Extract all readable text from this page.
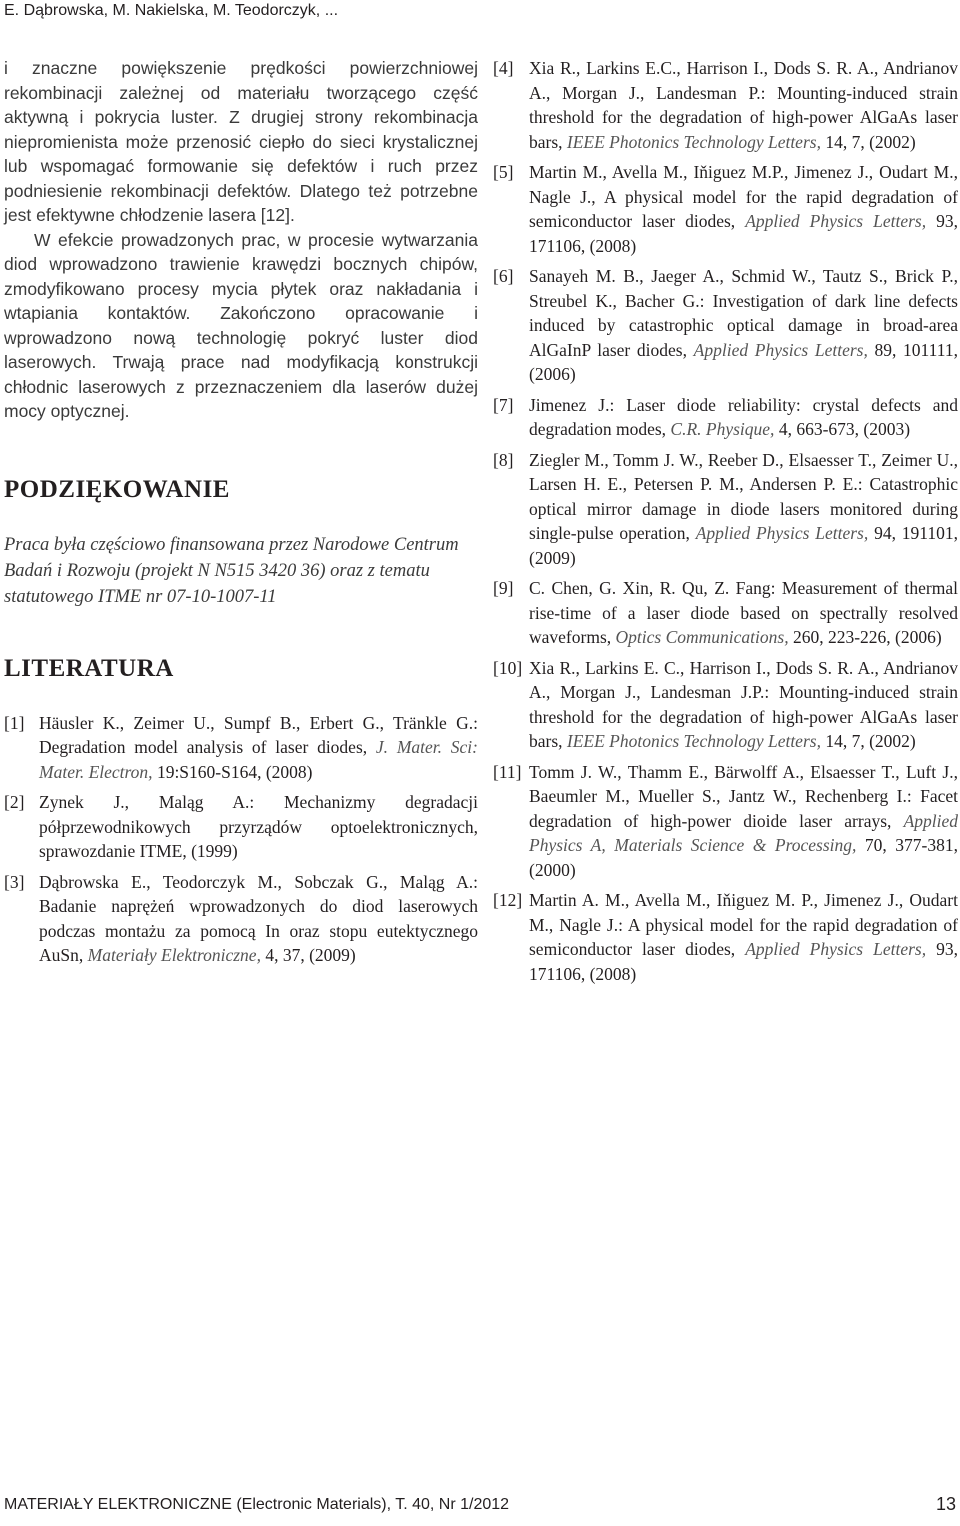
E. Dąbrowska, M. Nakielska, M. Teodorczyk, ...

i znaczne powiększenie prędkości powierzchniowej rekombinacji zależnej od materiału tworzącego część aktywną i pokrycia luster. Z drugiej strony rekombinacja niepromienista może przenosić ciepło do sieci krystalicznej lub wspomagać formowanie się defektów i ruch przez podniesienie rekombinacji defektów. Dlatego też potrzebne jest efektywne chłodzenie lasera [12].

W efekcie prowadzonych prac, w procesie wytwarzania diod wprowadzono trawienie krawędzi bocznych chipów, zmodyfikowano procesy mycia płytek oraz nakładania i wtapiania kontaktów. Zakończono opracowanie i wprowadzono nową technologię pokryć luster diod laserowych. Trwają prace nad modyfikacją konstrukcji chłodnic laserowych z przeznaczeniem dla laserów dużej mocy optycznej.

PODZIĘKOWANIE

Praca była częściowo finansowana przez Narodowe Centrum Badań i Rozwoju (projekt N N515 3420 36) oraz z tematu statutowego ITME nr 07-10-1007-11

LITERATURA
[1] Häusler K., Zeimer U., Sumpf B., Erbert G., Tränkle G.: Degradation model analysis of laser diodes, J. Mater. Sci: Mater. Electron, 19:S160-S164, (2008)
[2] Zynek J., Maląg A.: Mechanizmy degradacji półprzewodnikowych przyrządów optoelektronicznych, sprawozdanie ITME, (1999)
[3] Dąbrowska E., Teodorczyk M., Sobczak G., Maląg A.: Badanie naprężeń wprowadzonych do diod laserowych podczas montażu za pomocą In oraz stopu eutektycznego AuSn, Materiały Elektroniczne, 4, 37, (2009)
[4] Xia R., Larkins E.C., Harrison I., Dods S. R. A., Andrianov A., Morgan J., Landesman P.: Mounting-induced strain threshold for the degradation of high-power AlGaAs laser bars, IEEE Photonics Technology Letters, 14, 7, (2002)
[5] Martin M., Avella M., Iňiguez M.P., Jimenez J., Oudart M., Nagle J., A physical model for the rapid degradation of semiconductor laser diodes, Applied Physics Letters, 93, 171106, (2008)
[6] Sanayeh M. B., Jaeger A., Schmid W., Tautz S., Brick P., Streubel K., Bacher G.: Investigation of dark line defects induced by catastrophic optical damage in broad-area AlGaInP laser diodes, Applied Physics Letters, 89, 101111, (2006)
[7] Jimenez J.: Laser diode reliability: crystal defects and degradation modes, C.R. Physique, 4, 663-673, (2003)
[8] Ziegler M., Tomm J. W., Reeber D., Elsaesser T., Zeimer U., Larsen H. E., Petersen P. M., Andersen P. E.: Catastrophic optical mirror damage in diode lasers monitored during single-pulse operation, Applied Physics Letters, 94, 191101, (2009)
[9] C. Chen, G. Xin, R. Qu, Z. Fang: Measurement of thermal rise-time of a laser diode based on spectrally resolved waveforms, Optics Communications, 260, 223-226, (2006)
[10] Xia R., Larkins E. C., Harrison I., Dods S. R. A., Andrianov A., Morgan J., Landesman J.P.: Mounting-induced strain threshold for the degradation of high-power AlGaAs laser bars, IEEE Photonics Technology Letters, 14, 7, (2002)
[11] Tomm J. W., Thamm E., Bärwolff A., Elsaesser T., Luft J., Baeumler M., Mueller S., Jantz W., Rechenberg I.: Facet degradation of high-power dioide laser arrays, Applied Physics A, Materials Science & Processing, 70, 377-381, (2000)
[12] Martin A. M., Avella M., Iňiguez M. P., Jimenez J., Oudart M., Nagle J.: A physical model for the rapid degradation of semiconductor laser diodes, Applied Physics Letters, 93, 171106, (2008)
MATERIAŁY ELEKTRONICZNE (Electronic Materials), T. 40, Nr 1/2012	13
